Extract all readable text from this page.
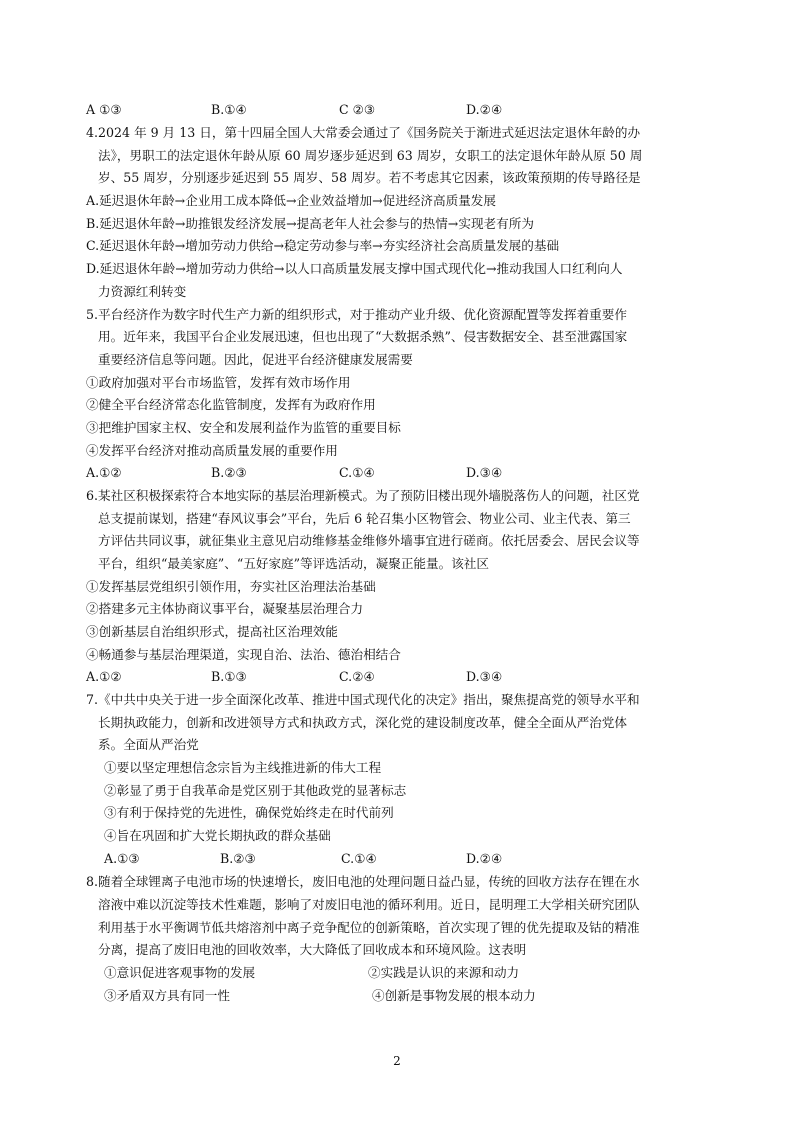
A ①③	B.①④	C ②③	D.②④
4.2024 年 9 月 13 日，第十四届全国人大常委会通过了《国务院关于渐进式延迟法定退休年龄的办
法》，男职工的法定退休年龄从原 60 周岁逐步延迟到 63 周岁，女职工的法定退休年龄从原 50 周
岁、55 周岁，分别逐步延迟到 55 周岁、58 周岁。若不考虑其它因素，该政策预期的传导路径是
A.延迟退休年龄→企业用工成本降低→企业效益增加→促进经济高质量发展
B.延迟退休年龄→助推银发经济发展→提高老年人社会参与的热情→实现老有所为
C.延迟退休年龄→增加劳动力供给→稳定劳动参与率→夯实经济社会高质量发展的基础
D.延迟退休年龄→增加劳动力供给→以人口高质量发展支撑中国式现代化→推动我国人口红利向人
力资源红利转变
5.平台经济作为数字时代生产力新的组织形式，对于推动产业升级、优化资源配置等发挥着重要作
用。近年来，我国平台企业发展迅速，但也出现了“大数据杀熟”、侵害数据安全、甚至泄露国家
重要经济信息等问题。因此，促进平台经济健康发展需要
①政府加强对平台市场监管，发挥有效市场作用
②健全平台经济常态化监管制度，发挥有为政府作用
③把维护国家主权、安全和发展利益作为监管的重要目标
④发挥平台经济对推动高质量发展的重要作用
A.①②	B.②③	C.①④	D.③④
6.某社区积极探索符合本地实际的基层治理新模式。为了预防旧楼出现外墙脱落伤人的问题，社区党
总支提前谋划，搭建“春风议事会”平台，先后 6 轮召集小区物管会、物业公司、业主代表、第三
方评估共同议事，就征集业主意见启动维修基金维修外墙事宜进行磋商。依托居委会、居民会议等
平台，组织“最美家庭”、“五好家庭”等评选活动，凝聚正能量。该社区
①发挥基层党组织引领作用，夯实社区治理法治基础
②搭建多元主体协商议事平台，凝聚基层治理合力
③创新基层自治组织形式，提高社区治理效能
④畅通参与基层治理渠道，实现自治、法治、德治相结合
A.①②	B.①③	C.②④	D.③④
7.《中共中央关于进一步全面深化改革、推进中国式现代化的决定》指出，聚焦提高党的领导水平和
长期执政能力，创新和改进领导方式和执政方式，深化党的建设制度改革，健全全面从严治党体
系。全面从严治党
①要以坚定理想信念宗旨为主线推进新的伟大工程
②彰显了勇于自我革命是党区别于其他政党的显著标志
③有利于保持党的先进性，确保党始终走在时代前列
④旨在巩固和扩大党长期执政的群众基础
A.①③	B.②③	C.①④	D.②④
8.随着全球锂离子电池市场的快速增长，废旧电池的处理问题日益凸显，传统的回收方法存在锂在水
溶液中难以沉淀等技术性难题，影响了对废旧电池的循环利用。近日，昆明理工大学相关研究团队
利用基于水平衡调节低共熔溶剂中离子竞争配位的创新策略，首次实现了锂的优先提取及钴的精准
分离，提高了废旧电池的回收效率，大大降低了回收成本和环境风险。这表明
①意识促进客观事物的发展	②实践是认识的来源和动力
③矛盾双方具有同一性	④创新是事物发展的根本动力
2
